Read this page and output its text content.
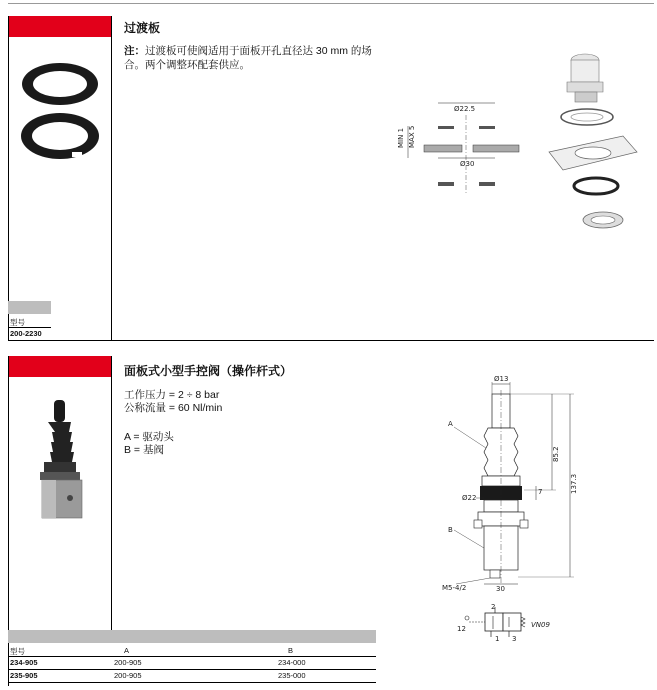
过渡板
注：过渡板可使阀适用于面板开孔直径达 30 mm 的场合。两个调整环配套供应。
型号
200-2230
Ø22.5
Ø30
MIN 1 MAX 5
面板式小型手控阀（操作杆式）
工作压力 = 2 ÷ 8 bar
公称流量 = 60 Nl/min
A = 驱动头
B = 基阀
型号	A	B
234-905	200-905	234-000
235-905	200-905	235-000
Ø13
85.2
137.3
7
Ø22
30
M5-4/2
A
B
2
12
1 3
VN09
